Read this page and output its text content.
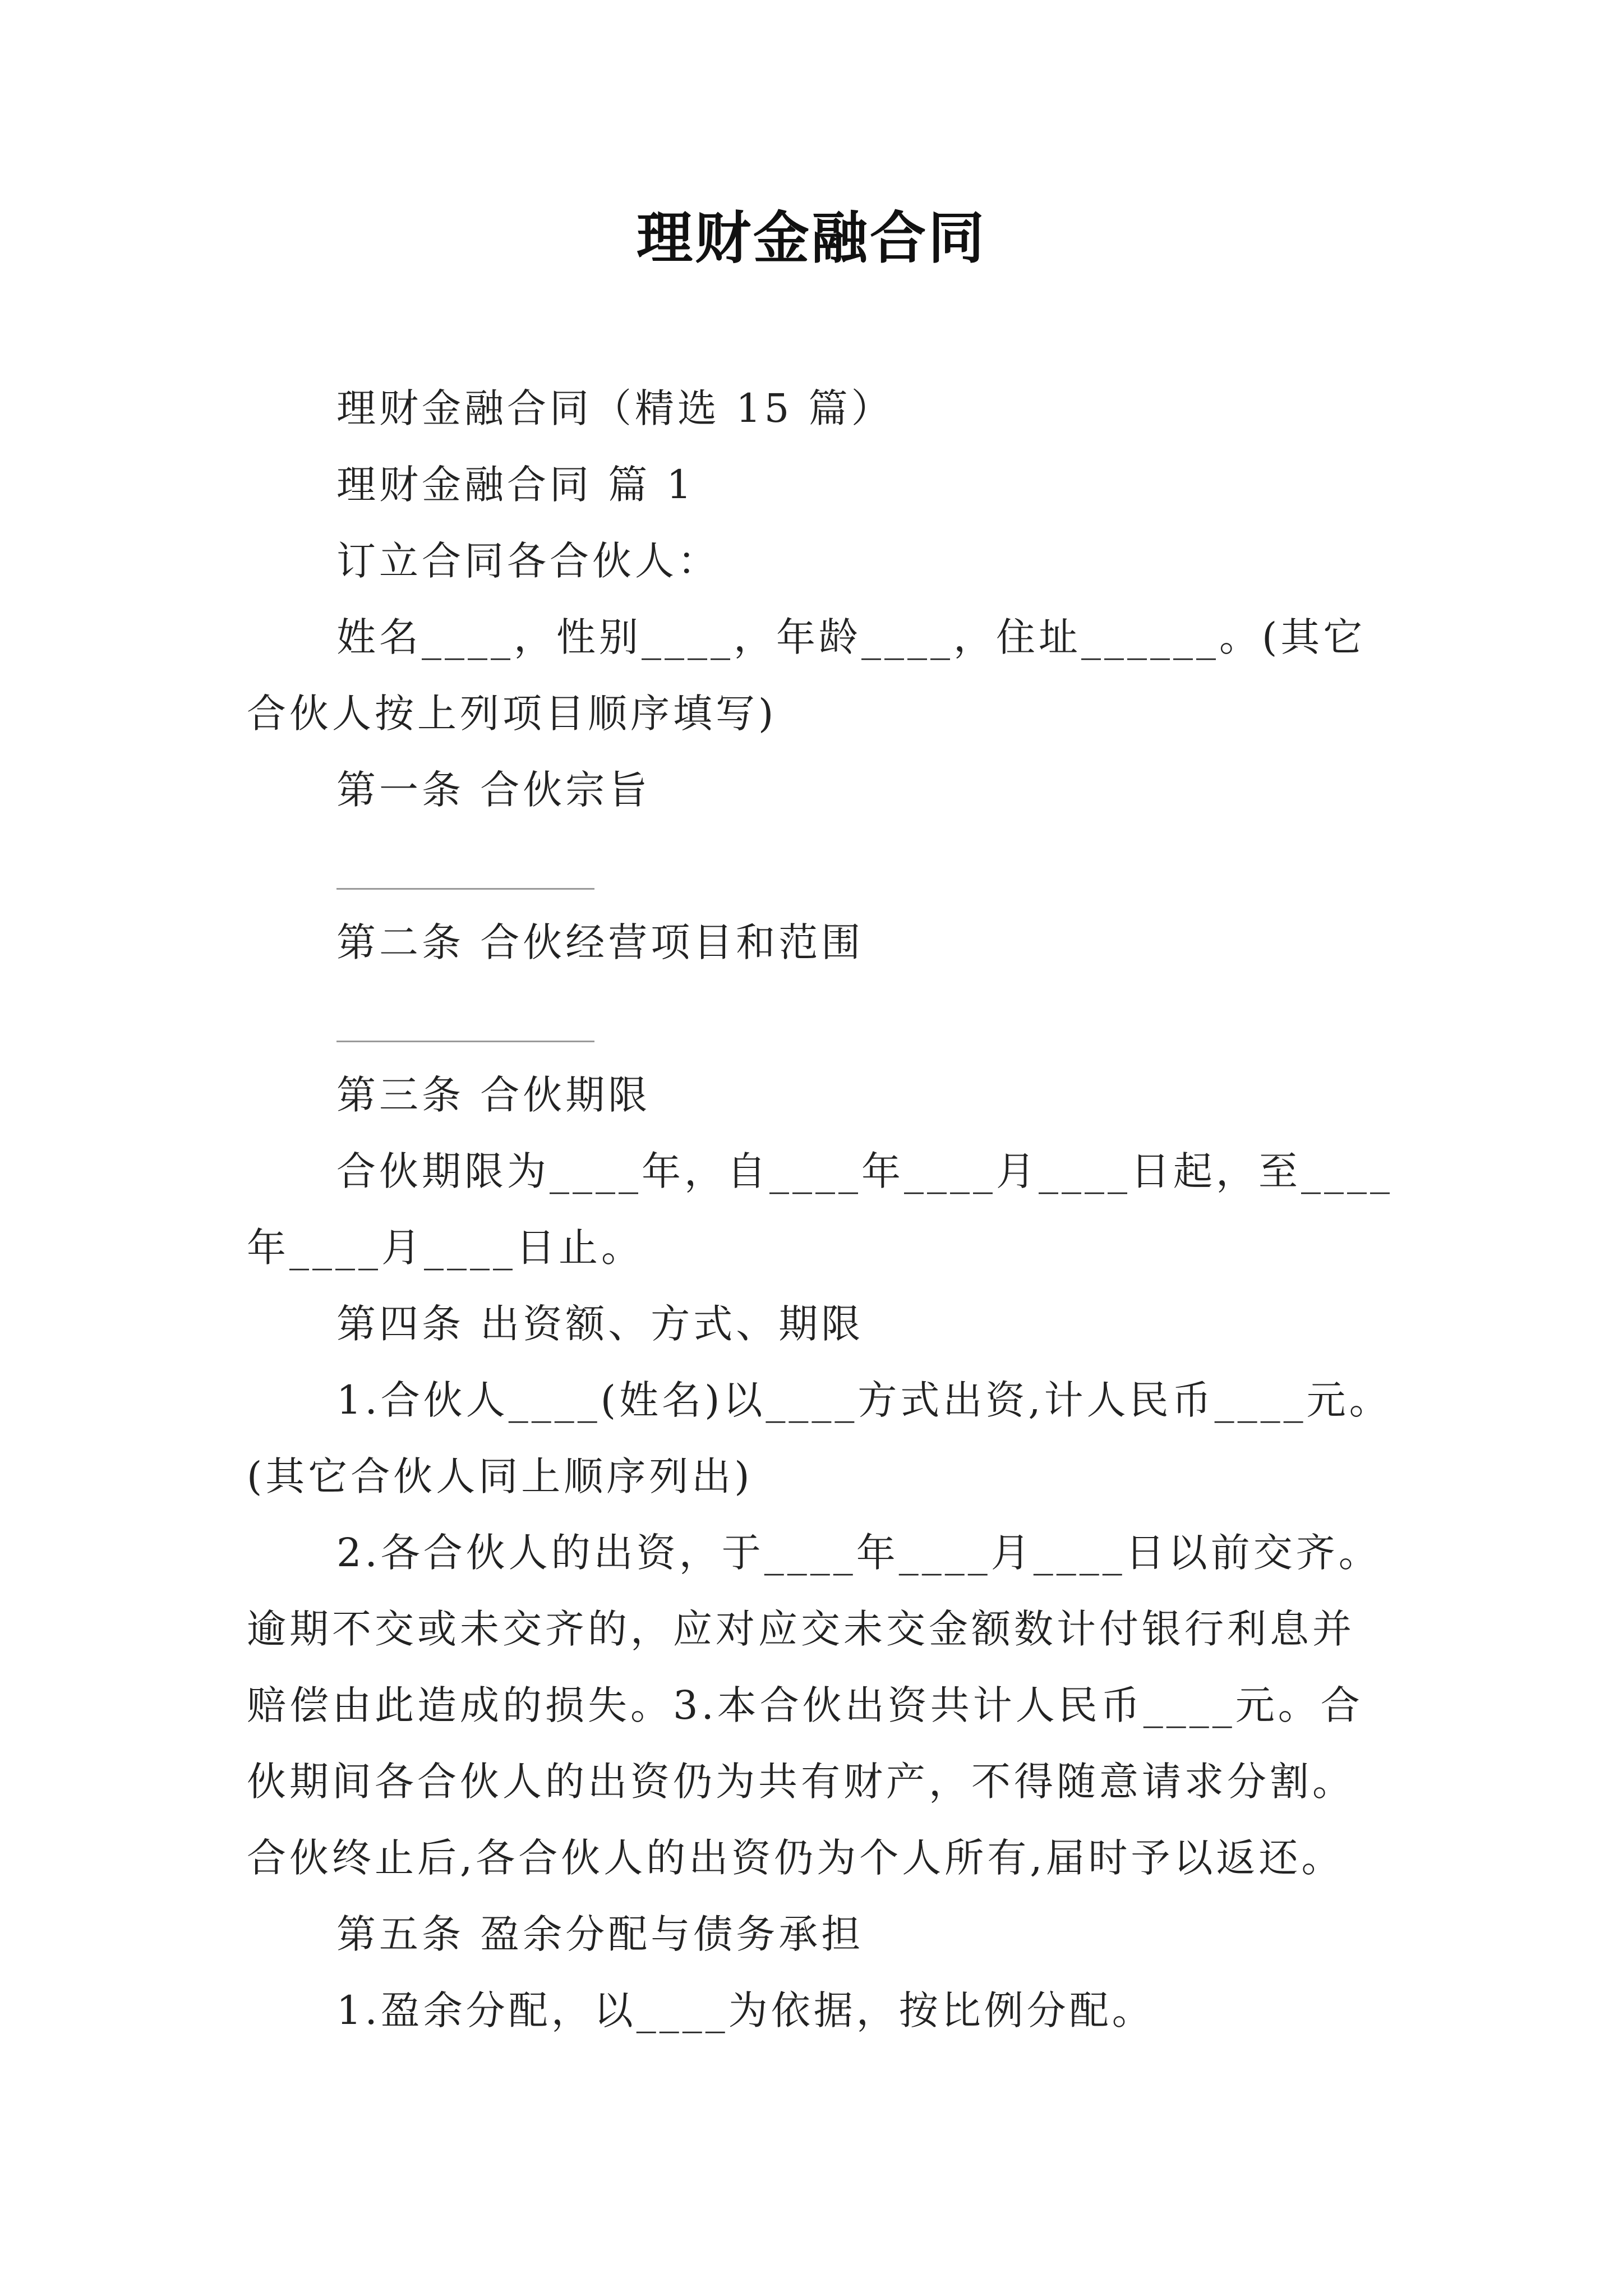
理财金融合同

理财金融合同（精选 15 篇）

理财金融合同 篇 1

订立合同各合伙人：

姓名____，性别____，年龄____，住址______。(其它

合伙人按上列项目顺序填写)

第一条 合伙宗旨

第二条 合伙经营项目和范围

第三条 合伙期限

合伙期限为____年，自____年____月____日起，至____

年____月____日止。

第四条 出资额、方式、期限

1.合伙人____(姓名)以____方式出资,计人民币____元。

(其它合伙人同上顺序列出)

2.各合伙人的出资，于____年____月____日以前交齐。

逾期不交或未交齐的，应对应交未交金额数计付银行利息并

赔偿由此造成的损失。3.本合伙出资共计人民币____元。合

伙期间各合伙人的出资仍为共有财产，不得随意请求分割。

合伙终止后,各合伙人的出资仍为个人所有,届时予以返还。

第五条 盈余分配与债务承担

1.盈余分配，以____为依据，按比例分配。
